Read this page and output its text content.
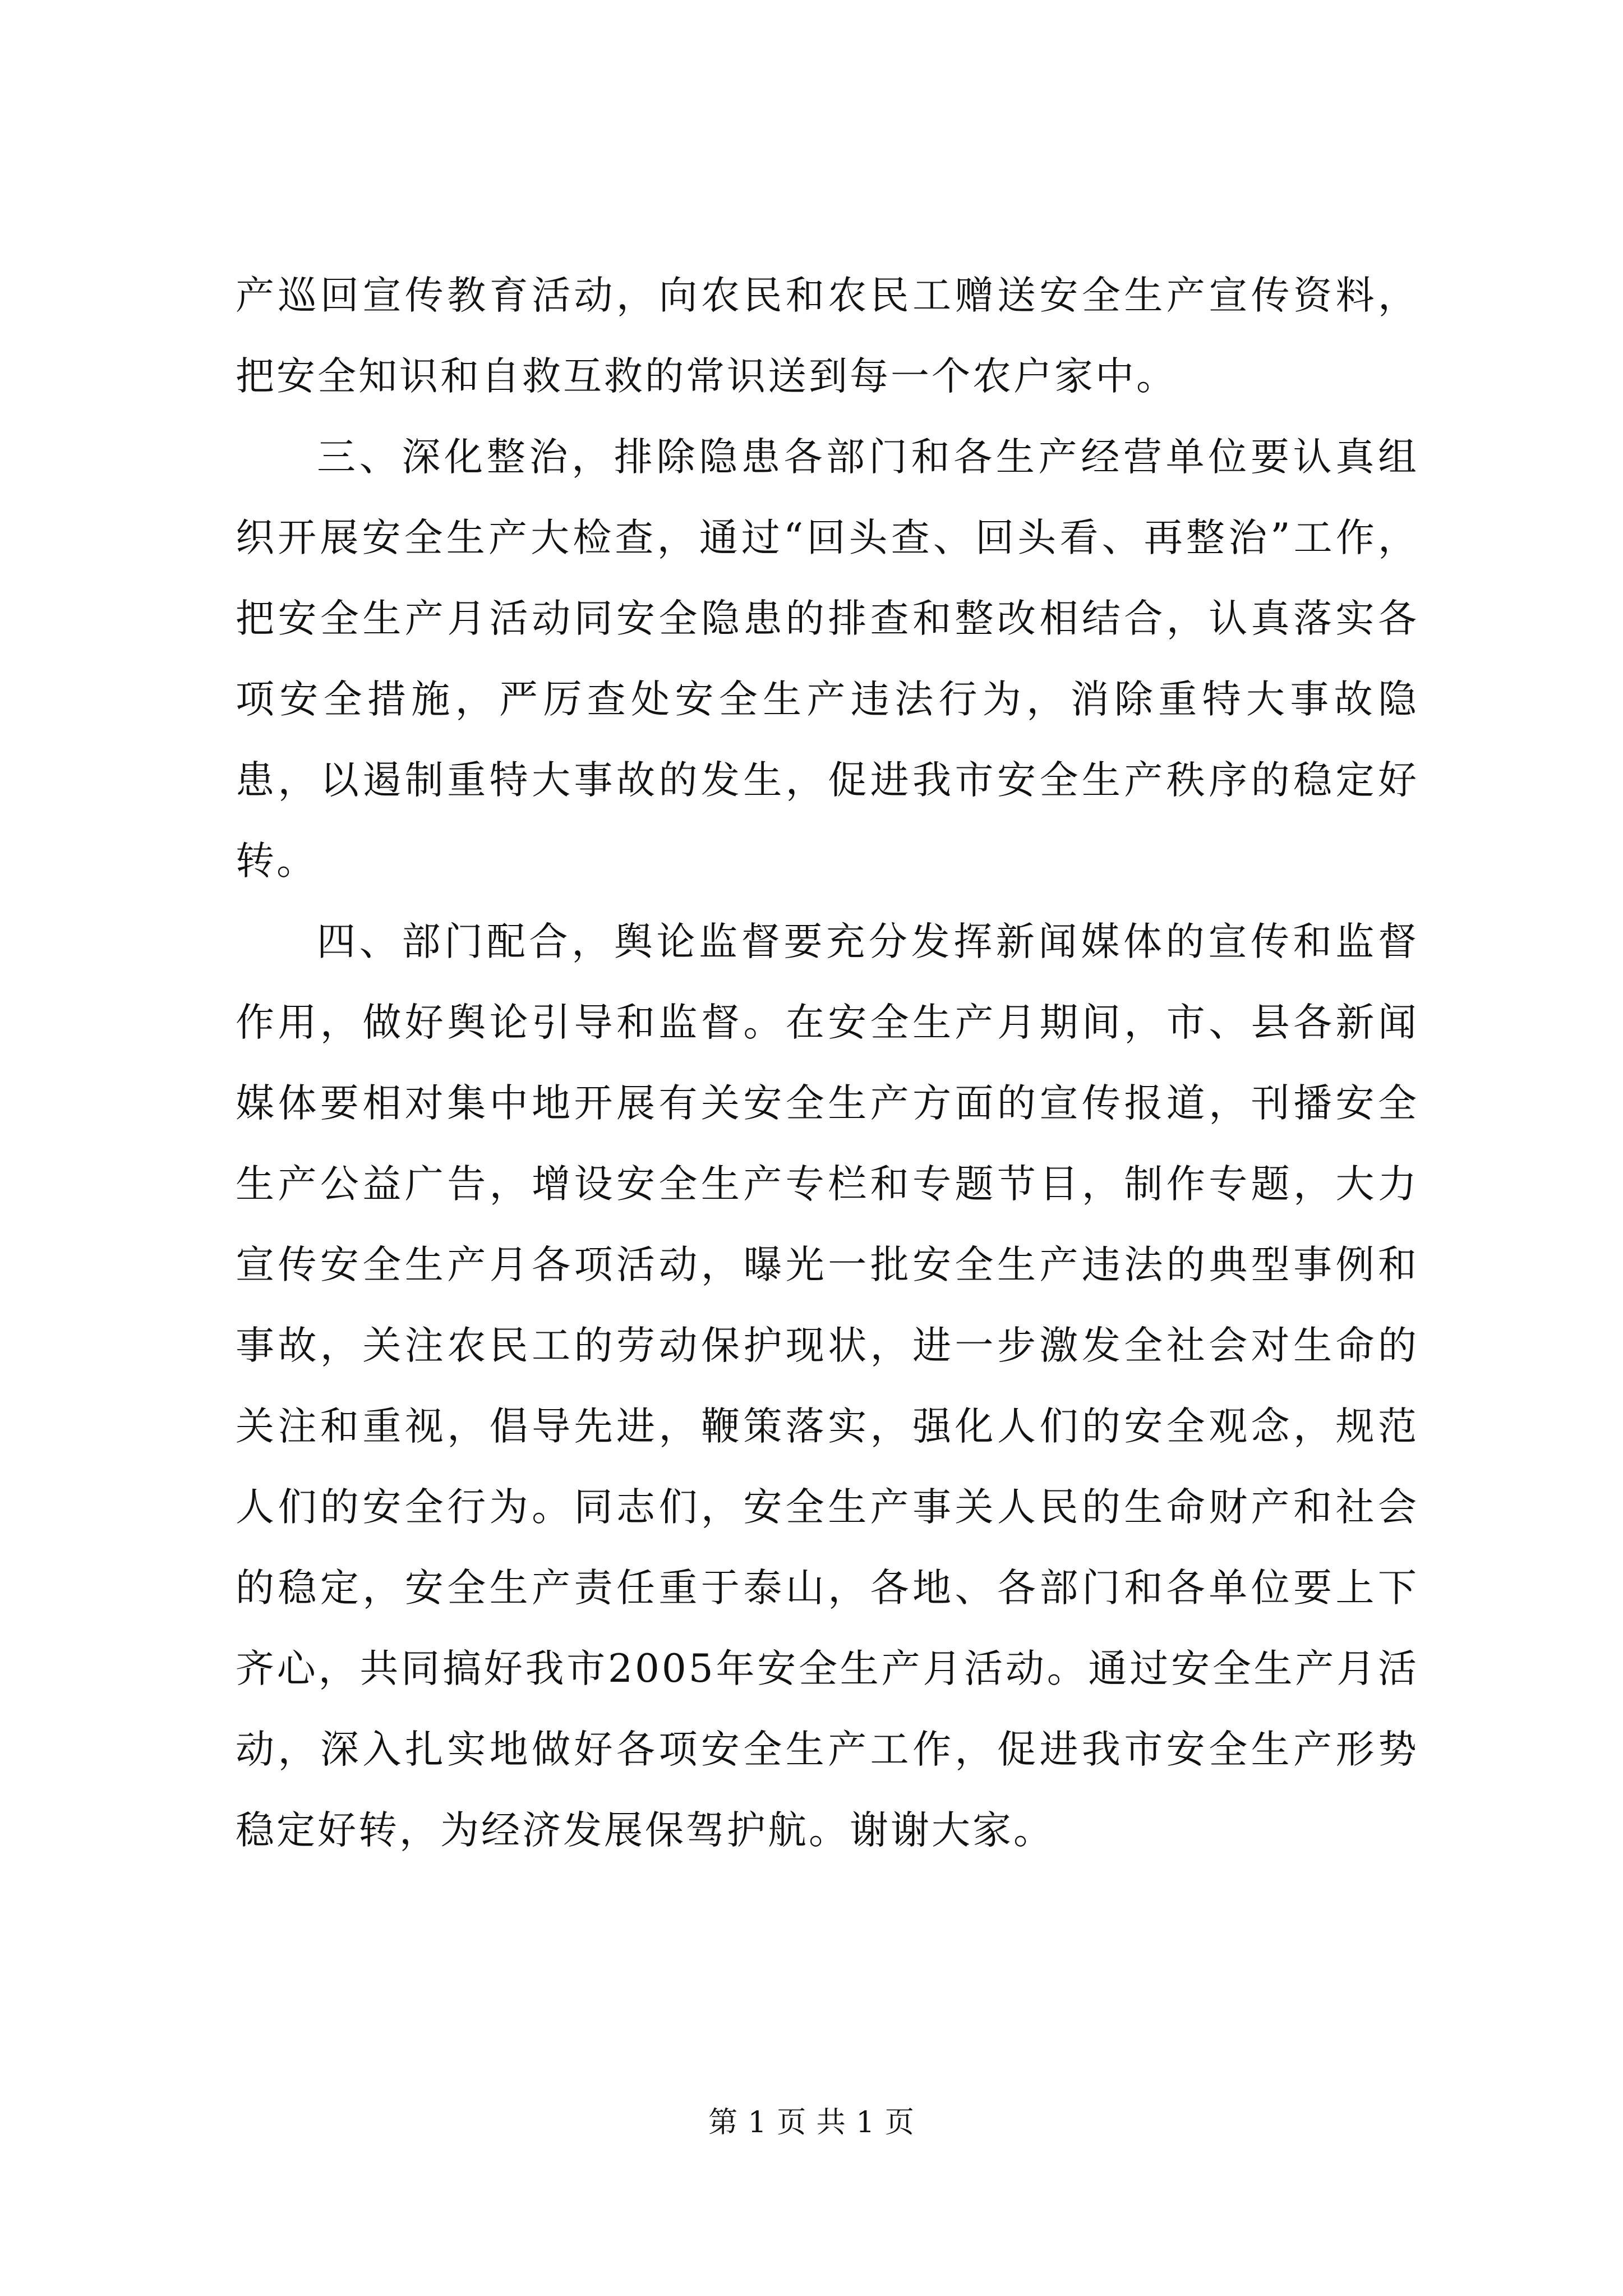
产巡回宣传教育活动，向农民和农民工赠送安全生产宣传资料，把安全知识和自救互救的常识送到每一个农户家中。

三、深化整治，排除隐患各部门和各生产经营单位要认真组织开展安全生产大检查，通过“回头查、回头看、再整治”工作，把安全生产月活动同安全隐患的排查和整改相结合，认真落实各项安全措施，严厉查处安全生产违法行为，消除重特大事故隐患，以遏制重特大事故的发生，促进我市安全生产秩序的稳定好转。

四、部门配合，舆论监督要充分发挥新闻媒体的宣传和监督作用，做好舆论引导和监督。在安全生产月期间，市、县各新闻媒体要相对集中地开展有关安全生产方面的宣传报道，刊播安全生产公益广告，增设安全生产专栏和专题节目，制作专题，大力宣传安全生产月各项活动，曝光一批安全生产违法的典型事例和事故，关注农民工的劳动保护现状，进一步激发全社会对生命的关注和重视，倡导先进，鞭策落实，强化人们的安全观念，规范人们的安全行为。同志们，安全生产事关人民的生命财产和社会的稳定，安全生产责任重于泰山，各地、各部门和各单位要上下齐心，共同搞好我市2005年安全生产月活动。通过安全生产月活动，深入扎实地做好各项安全生产工作，促进我市安全生产形势稳定好转，为经济发展保驾护航。谢谢大家。

第 1 页 共 1 页
